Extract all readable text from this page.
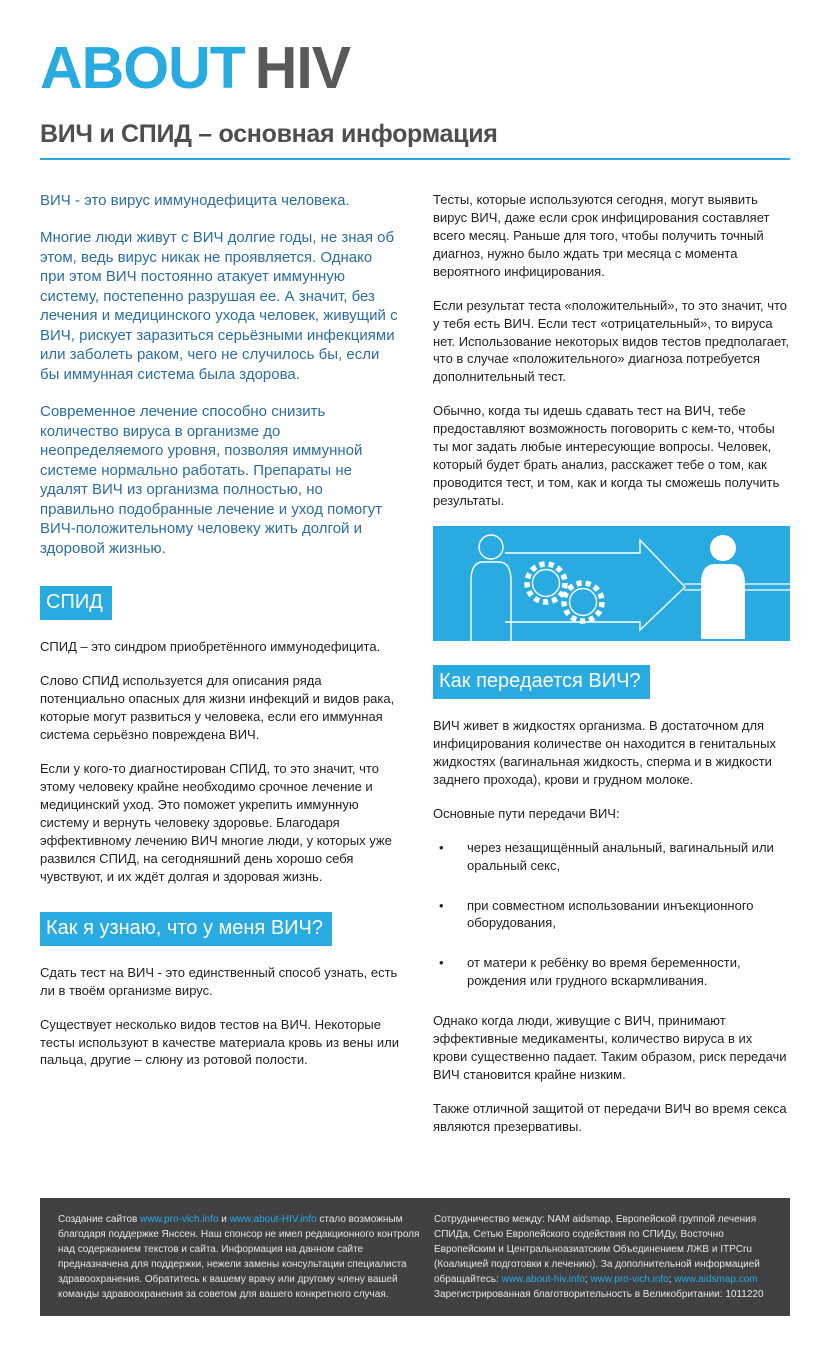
ABOUT HIV
ВИЧ и СПИД – основная информация

ВИЧ - это вирус иммунодефицита человека.

Многие люди живут с ВИЧ долгие годы, не зная об этом, ведь вирус никак не проявляется. Однако при этом ВИЧ постоянно атакует иммунную систему, постепенно разрушая ее. А значит, без лечения и медицинского ухода человек, живущий с ВИЧ, рискует заразиться серьёзными инфекциями или заболеть раком, чего не случилось бы, если бы иммунная система была здорова.

Современное лечение способно снизить количество вируса в организме до неопределяемого уровня, позволяя иммунной системе нормально работать. Препараты не удалят ВИЧ из организма полностью, но правильно подобранные лечение и уход помогут ВИЧ-положительному человеку жить долгой и здоровой жизнью.

СПИД

СПИД – это синдром приобретённого иммунодефицита.

Слово СПИД используется для описания ряда потенциально опасных для жизни инфекций и видов рака, которые могут развиться у человека, если его иммунная система серьёзно повреждена ВИЧ.

Если у кого-то диагностирован СПИД, то это значит, что этому человеку крайне необходимо срочное лечение и медицинский уход. Это поможет укрепить иммунную систему и вернуть человеку здоровье. Благодаря эффективному лечению ВИЧ многие люди, у которых уже развился СПИД, на сегодняшний день хорошо себя чувствуют, и их ждёт долгая и здоровая жизнь.

Как я узнаю, что у меня ВИЧ?

Сдать тест на ВИЧ - это единственный способ узнать, есть ли в твоём организме вирус.

Существует несколько видов тестов на ВИЧ. Некоторые тесты используют в качестве материала кровь из вены или пальца, другие – слюну из ротовой полости.

Тесты, которые используются сегодня, могут выявить вирус ВИЧ, даже если срок инфицирования составляет всего месяц. Раньше для того, чтобы получить точный диагноз, нужно было ждать три месяца с момента вероятного инфицирования.

Если результат теста «положительный», то это значит, что у тебя есть ВИЧ. Если тест «отрицательный», то вируса нет. Использование некоторых видов тестов предполагает, что в случае «положительного» диагноза потребуется дополнительный тест.

Обычно, когда ты идешь сдавать тест на ВИЧ, тебе предоставляют возможность поговорить с кем-то, чтобы ты мог задать любые интересующие вопросы. Человек, который будет брать анализ, расскажет тебе о том, как проводится тест, и том, как и когда ты сможешь получить результаты.

Как передается ВИЧ?

ВИЧ живет в жидкостях организма. В достаточном для инфицирования количестве он находится в генитальных жидкостях (вагинальная жидкость, сперма и в жидкости заднего прохода), крови и грудном молоке.

Основные пути передачи ВИЧ:

• через незащищённый анальный, вагинальный или оральный секс,
• при совместном использовании инъекционного оборудования,
• от матери к ребёнку во время беременности, рождения или грудного вскармливания.

Однако когда люди, живущие с ВИЧ, принимают эффективные медикаменты, количество вируса в их крови существенно падает. Таким образом, риск передачи ВИЧ становится крайне низким.

Также отличной защитой от передачи ВИЧ во время секса являются презервативы.

Создание сайтов www.pro-vich.info и www.about-HIV.info стало возможным благодаря поддержке Янссен. Наш спонсор не имел редакционного контроля над содержанием текстов и сайта. Информация на данном сайте предназначена для поддержки, нежели замены консультации специалиста здравоохранения. Обратитесь к вашему врачу или другому члену вашей команды здравоохранения за советом для вашего конкретного случая.
Сотрудничество между: NAM aidsmap, Европейской группой лечения СПИДа, Сетью Европейского содействия по СПИДу, Восточно Европейским и Центральноазиатским Объединением ЛЖВ и ITPCru (Коалицией подготовки к лечению). За дополнительной информацией обращайтесь: www.about-hiv.info; www.pro-vich.info; www.aidsmap.com Зарегистрированная благотворительность в Великобритании: 1011220
